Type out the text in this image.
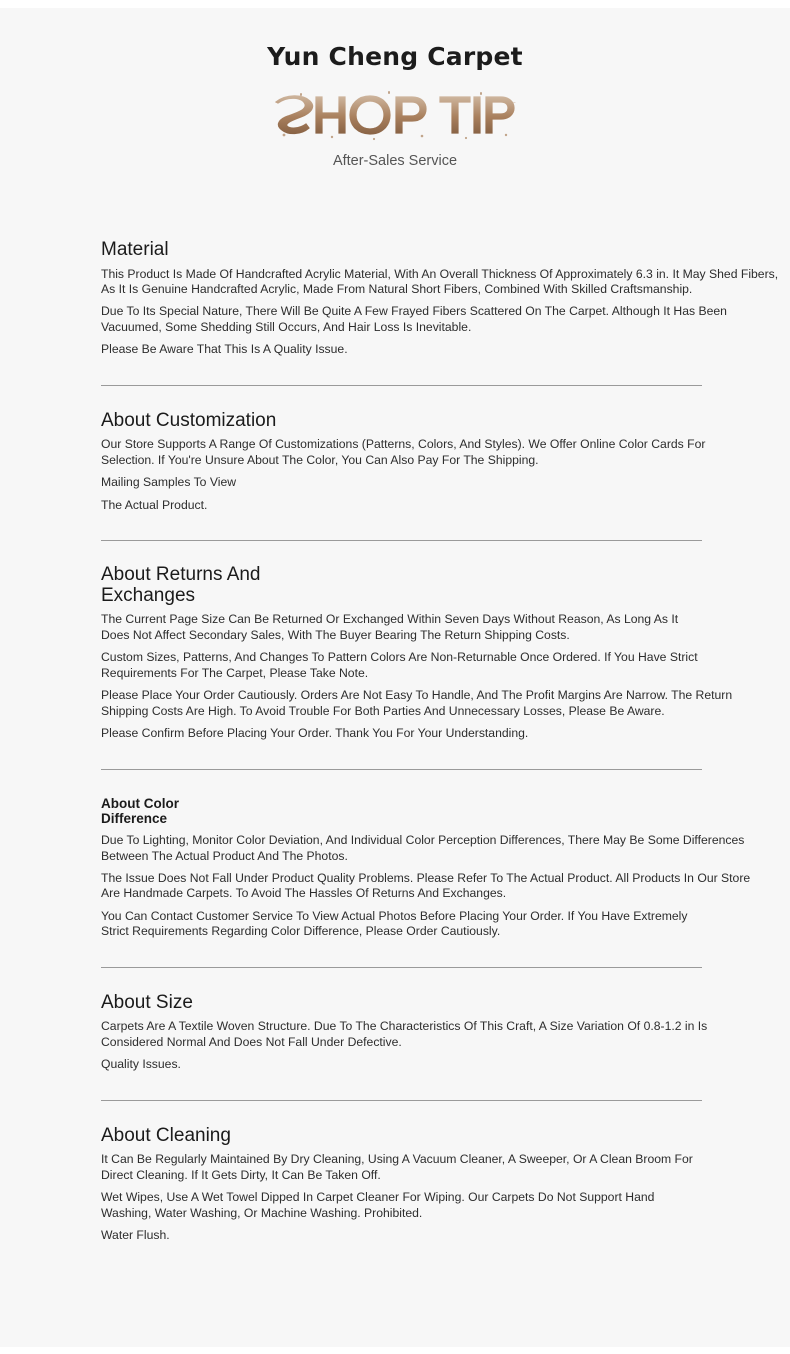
Yun Cheng Carpet
After-Sales Service
Material

This Product Is Made Of Handcrafted Acrylic Material, With An Overall Thickness Of Approximately 6.3 in. It May Shed Fibers, As It Is Genuine Handcrafted Acrylic, Made From Natural Short Fibers, Combined With Skilled Craftsmanship.

Due To Its Special Nature, There Will Be Quite A Few Frayed Fibers Scattered On The Carpet. Although It Has Been Vacuumed, Some Shedding Still Occurs, And Hair Loss Is Inevitable.

Please Be Aware That This Is A Quality Issue.

About Customization

Our Store Supports A Range Of Customizations (Patterns, Colors, And Styles). We Offer Online Color Cards For Selection. If You're Unsure About The Color, You Can Also Pay For The Shipping.

Mailing Samples To View

The Actual Product.

About Returns And Exchanges

The Current Page Size Can Be Returned Or Exchanged Within Seven Days Without Reason, As Long As It Does Not Affect Secondary Sales, With The Buyer Bearing The Return Shipping Costs.

Custom Sizes, Patterns, And Changes To Pattern Colors Are Non-Returnable Once Ordered. If You Have Strict Requirements For The Carpet, Please Take Note.

Please Place Your Order Cautiously. Orders Are Not Easy To Handle, And The Profit Margins Are Narrow. The Return Shipping Costs Are High. To Avoid Trouble For Both Parties And Unnecessary Losses, Please Be Aware.

Please Confirm Before Placing Your Order. Thank You For Your Understanding.

About Color Difference

Due To Lighting, Monitor Color Deviation, And Individual Color Perception Differences, There May Be Some Differences Between The Actual Product And The Photos.

The Issue Does Not Fall Under Product Quality Problems. Please Refer To The Actual Product. All Products In Our Store Are Handmade Carpets. To Avoid The Hassles Of Returns And Exchanges.

You Can Contact Customer Service To View Actual Photos Before Placing Your Order. If You Have Extremely Strict Requirements Regarding Color Difference, Please Order Cautiously.

About Size

Carpets Are A Textile Woven Structure. Due To The Characteristics Of This Craft, A Size Variation Of 0.8-1.2 in Is Considered Normal And Does Not Fall Under Defective.

Quality Issues.

About Cleaning

It Can Be Regularly Maintained By Dry Cleaning, Using A Vacuum Cleaner, A Sweeper, Or A Clean Broom For Direct Cleaning. If It Gets Dirty, It Can Be Taken Off.

Wet Wipes, Use A Wet Towel Dipped In Carpet Cleaner For Wiping. Our Carpets Do Not Support Hand Washing, Water Washing, Or Machine Washing. Prohibited.

Water Flush.
